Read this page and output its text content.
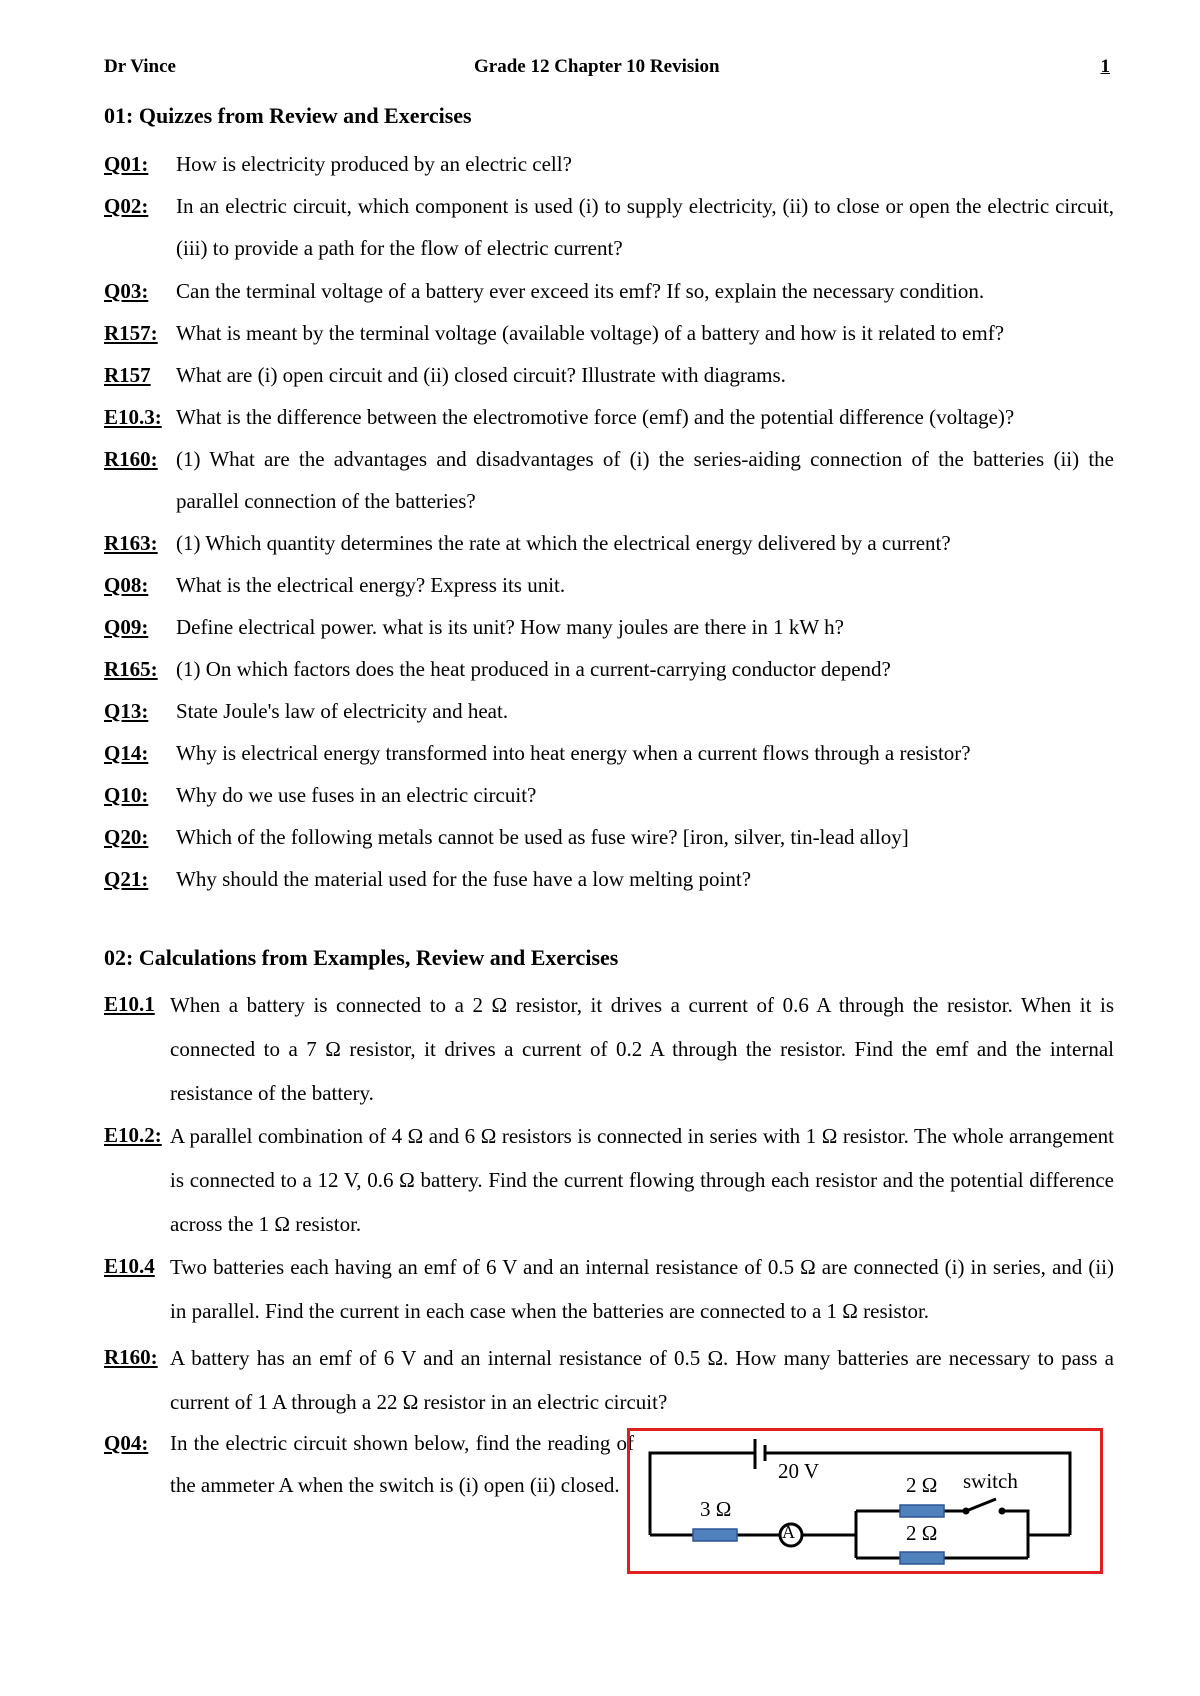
Dr Vince	Grade 12 Chapter 10 Revision	1
01: Quizzes from Review and Exercises
Q01: How is electricity produced by an electric cell?
Q02: In an electric circuit, which component is used (i) to supply electricity, (ii) to close or open the electric circuit, (iii) to provide a path for the flow of electric current?
Q03: Can the terminal voltage of a battery ever exceed its emf? If so, explain the necessary condition.
R157: What is meant by the terminal voltage (available voltage) of a battery and how is it related to emf?
R157 What are (i) open circuit and (ii) closed circuit? Illustrate with diagrams.
E10.3: What is the difference between the electromotive force (emf) and the potential difference (voltage)?
R160: (1) What are the advantages and disadvantages of (i) the series-aiding connection of the batteries (ii) the parallel connection of the batteries?
R163: (1) Which quantity determines the rate at which the electrical energy delivered by a current?
Q08: What is the electrical energy? Express its unit.
Q09: Define electrical power. what is its unit? How many joules are there in 1 kW h?
R165: (1) On which factors does the heat produced in a current-carrying conductor depend?
Q13: State Joule's law of electricity and heat.
Q14: Why is electrical energy transformed into heat energy when a current flows through a resistor?
Q10: Why do we use fuses in an electric circuit?
Q20: Which of the following metals cannot be used as fuse wire? [iron, silver, tin-lead alloy]
Q21: Why should the material used for the fuse have a low melting point?
02: Calculations from Examples, Review and Exercises
E10.1 When a battery is connected to a 2 Ω resistor, it drives a current of 0.6 A through the resistor. When it is connected to a 7 Ω resistor, it drives a current of 0.2 A through the resistor. Find the emf and the internal resistance of the battery.
E10.2: A parallel combination of 4 Ω and 6 Ω resistors is connected in series with 1 Ω resistor. The whole arrangement is connected to a 12 V, 0.6 Ω battery. Find the current flowing through each resistor and the potential difference across the 1 Ω resistor.
E10.4 Two batteries each having an emf of 6 V and an internal resistance of 0.5 Ω are connected (i) in series, and (ii) in parallel. Find the current in each case when the batteries are connected to a 1 Ω resistor.
R160: A battery has an emf of 6 V and an internal resistance of 0.5 Ω. How many batteries are necessary to pass a current of 1 A through a 22 Ω resistor in an electric circuit?
Q04: In the electric circuit shown below, find the reading of the ammeter A when the switch is (i) open (ii) closed.
A
20 V
3 Ω
2 Ω
2 Ω
switch
